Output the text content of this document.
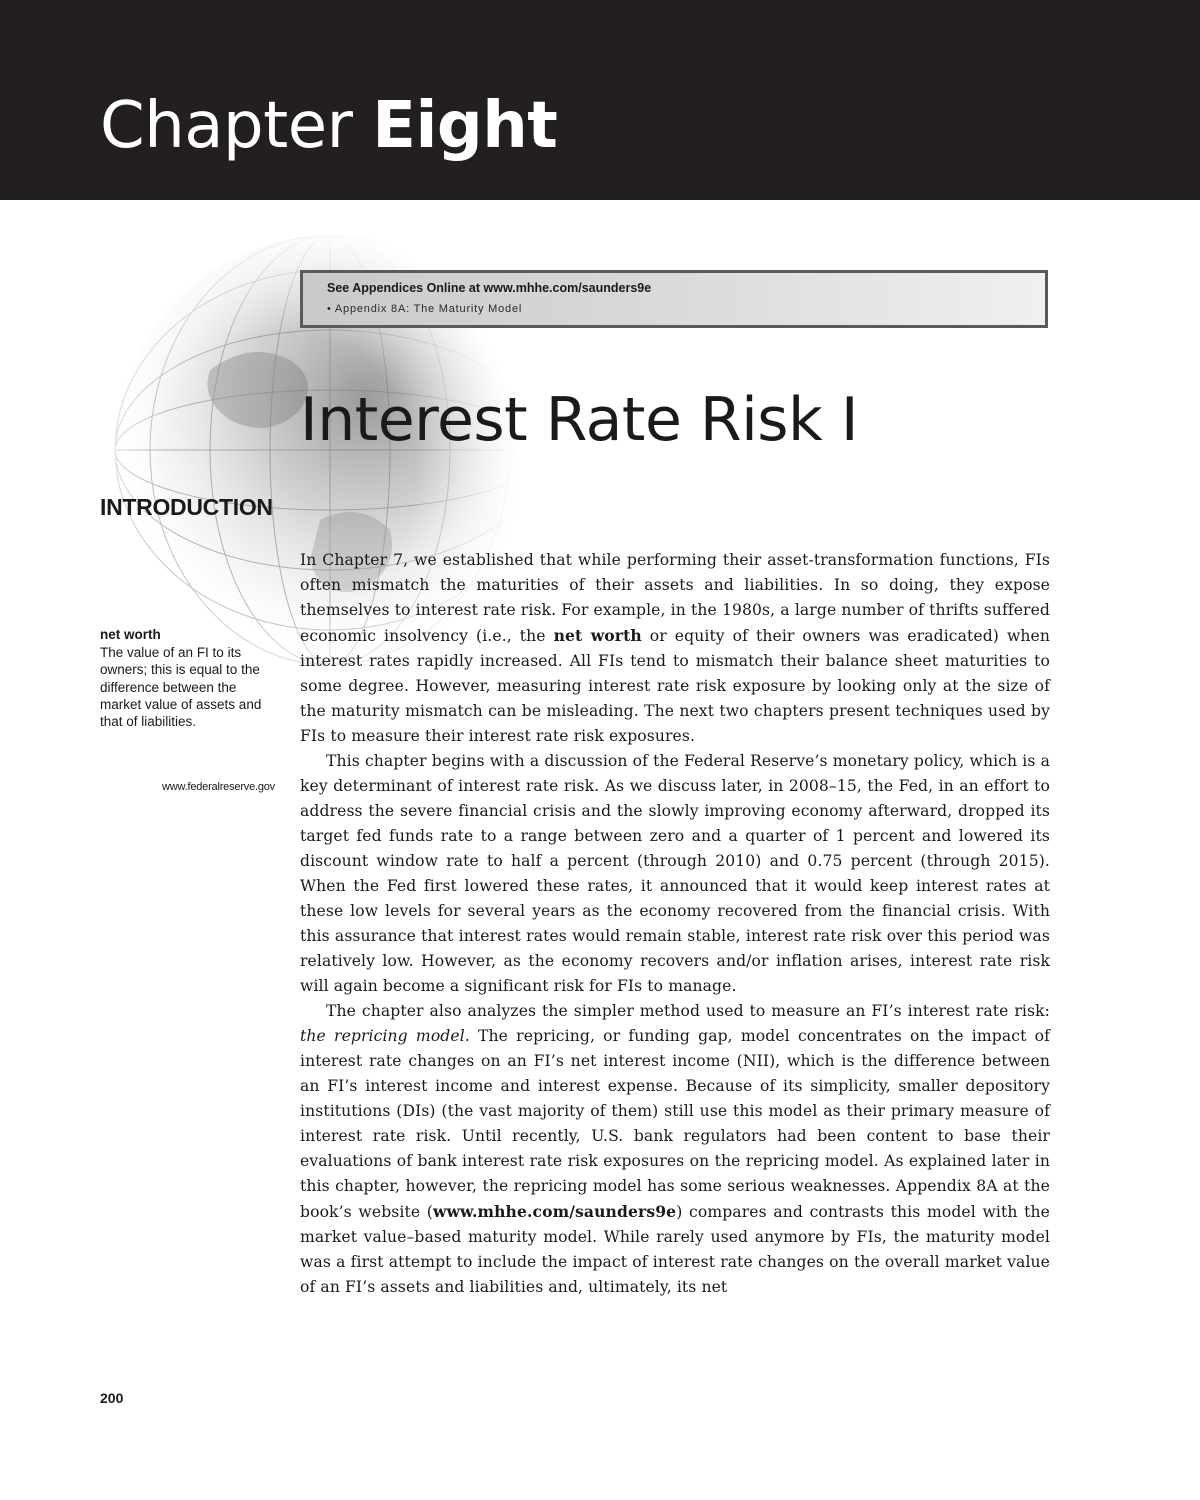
Chapter Eight
See Appendices Online at www.mhhe.com/saunders9e
• Appendix 8A: The Maturity Model
Interest Rate Risk I
INTRODUCTION
net worth
The value of an FI to its owners; this is equal to the difference between the market value of assets and that of liabilities.
www.federalreserve.gov

In Chapter 7, we established that while performing their asset-transformation functions, FIs often mismatch the maturities of their assets and liabilities. In so doing, they expose themselves to interest rate risk. For example, in the 1980s, a large number of thrifts suffered economic insolvency (i.e., the net worth or equity of their owners was eradicated) when interest rates rapidly increased. All FIs tend to mismatch their balance sheet maturities to some degree. However, measuring interest rate risk exposure by looking only at the size of the maturity mismatch can be misleading. The next two chapters present techniques used by FIs to measure their interest rate risk exposures.

This chapter begins with a discussion of the Federal Reserve’s monetary policy, which is a key determinant of interest rate risk. As we discuss later, in 2008–15, the Fed, in an effort to address the severe financial crisis and the slowly improving economy afterward, dropped its target fed funds rate to a range between zero and a quarter of 1 percent and lowered its discount window rate to half a percent (through 2010) and 0.75 percent (through 2015). When the Fed first lowered these rates, it announced that it would keep interest rates at these low levels for several years as the economy recovered from the financial crisis. With this assurance that interest rates would remain stable, interest rate risk over this period was relatively low. However, as the economy recovers and/or inflation arises, interest rate risk will again become a significant risk for FIs to manage.

The chapter also analyzes the simpler method used to measure an FI’s interest rate risk: the repricing model. The repricing, or funding gap, model concentrates on the impact of interest rate changes on an FI’s net interest income (NII), which is the difference between an FI’s interest income and interest expense. Because of its simplicity, smaller depository institutions (DIs) (the vast majority of them) still use this model as their primary measure of interest rate risk. Until recently, U.S. bank regulators had been content to base their evaluations of bank interest rate risk exposures on the repricing model. As explained later in this chapter, however, the repricing model has some serious weaknesses. Appendix 8A at the book’s website (www.mhhe.com/saunders9e) compares and contrasts this model with the market value–based maturity model. While rarely used anymore by FIs, the maturity model was a first attempt to include the impact of interest rate changes on the overall market value of an FI’s assets and liabilities and, ultimately, its net

200
